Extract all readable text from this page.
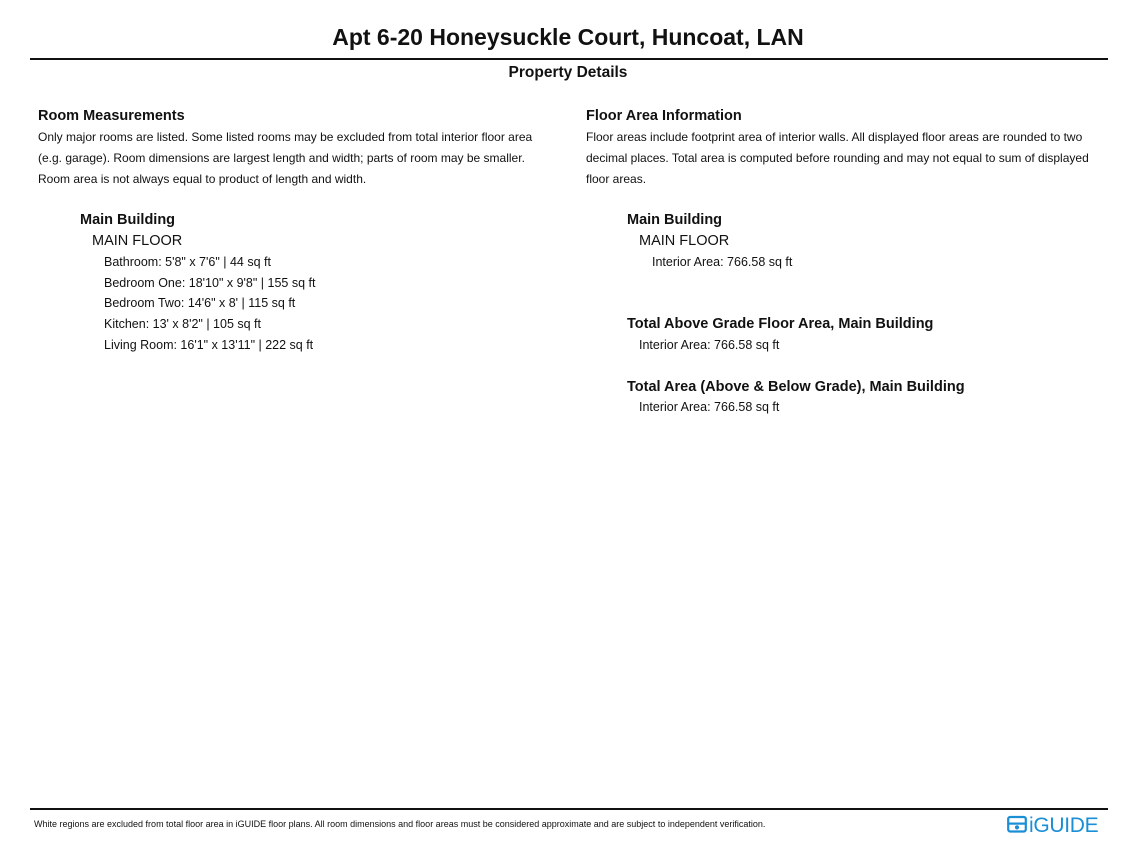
Apt 6-20 Honeysuckle Court, Huncoat, LAN
Property Details

Room Measurements

Only major rooms are listed. Some listed rooms may be excluded from total interior floor area
(e.g. garage). Room dimensions are largest length and width; parts of room may be smaller.
Room area is not always equal to product of length and width.

Main Building
MAIN FLOOR
Bathroom: 5'8" x 7'6" | 44 sq ft
Bedroom One: 18'10" x 9'8" | 155 sq ft
Bedroom Two: 14'6" x 8' | 115 sq ft
Kitchen: 13' x 8'2" | 105 sq ft
Living Room: 16'1" x 13'11" | 222 sq ft

Floor Area Information

Floor areas include footprint area of interior walls. All displayed floor areas are rounded to two
decimal places. Total area is computed before rounding and may not equal to sum of displayed
floor areas.

Main Building
MAIN FLOOR
Interior Area: 766.58 sq ft
Total Above Grade Floor Area, Main Building
Interior Area: 766.58 sq ft
Total Area (Above & Below Grade), Main Building
Interior Area: 766.58 sq ft
White regions are excluded from total floor area in iGUIDE floor plans. All room dimensions and floor areas must be considered approximate and are subject to independent verification.	iGUIDE
